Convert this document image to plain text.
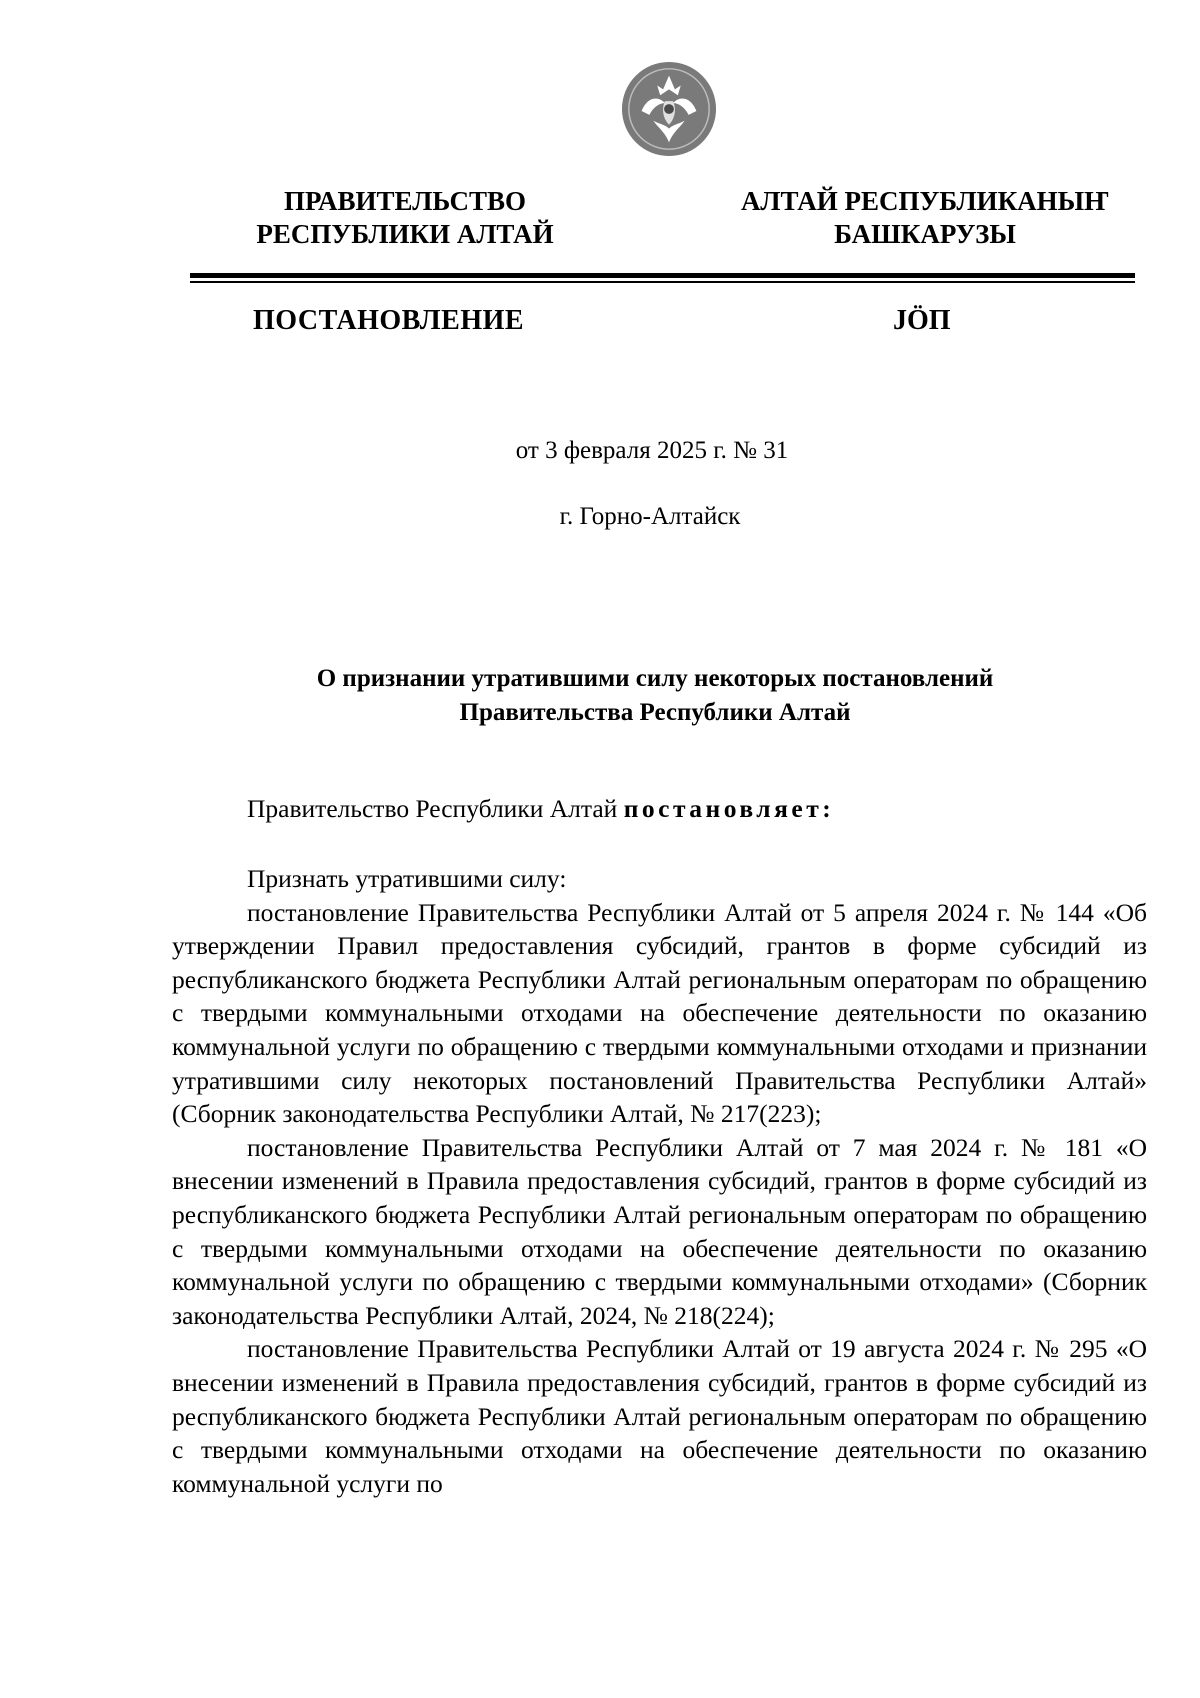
ПРАВИТЕЛЬСТВО
РЕСПУБЛИКИ АЛТАЙ
АЛТАЙ РЕСПУБЛИКАНЫҤ
БАШКАРУЗЫ
ПОСТАНОВЛЕНИЕ	JӦП
от 3 февраля 2025 г. № 31
г. Горно-Алтайск
О признании утратившими силу некоторых постановлений
Правительства Республики Алтай
Правительство Республики Алтай постановляет:

Признать утратившими силу:

постановление Правительства Республики Алтай от 5 апреля 2024 г. № 144 «Об утверждении Правил предоставления субсидий, грантов в форме субсидий из республиканского бюджета Республики Алтай региональным операторам по обращению с твердыми коммунальными отходами на обеспечение деятельности по оказанию коммунальной услуги по обращению с твердыми коммунальными отходами и признании утратившими силу некоторых постановлений Правительства Республики Алтай» (Сборник законодательства Республики Алтай, № 217(223);

постановление Правительства Республики Алтай от 7 мая 2024 г. № 181 «О внесении изменений в Правила предоставления субсидий, грантов в форме субсидий из республиканского бюджета Республики Алтай региональным операторам по обращению с твердыми коммунальными отходами на обеспечение деятельности по оказанию коммунальной услуги по обращению с твердыми коммунальными отходами» (Сборник законодательства Республики Алтай, 2024, № 218(224);

постановление Правительства Республики Алтай от 19 августа 2024 г. № 295 «О внесении изменений в Правила предоставления субсидий, грантов в форме субсидий из республиканского бюджета Республики Алтай региональным операторам по обращению с твердыми коммунальными отходами на обеспечение деятельности по оказанию коммунальной услуги по
